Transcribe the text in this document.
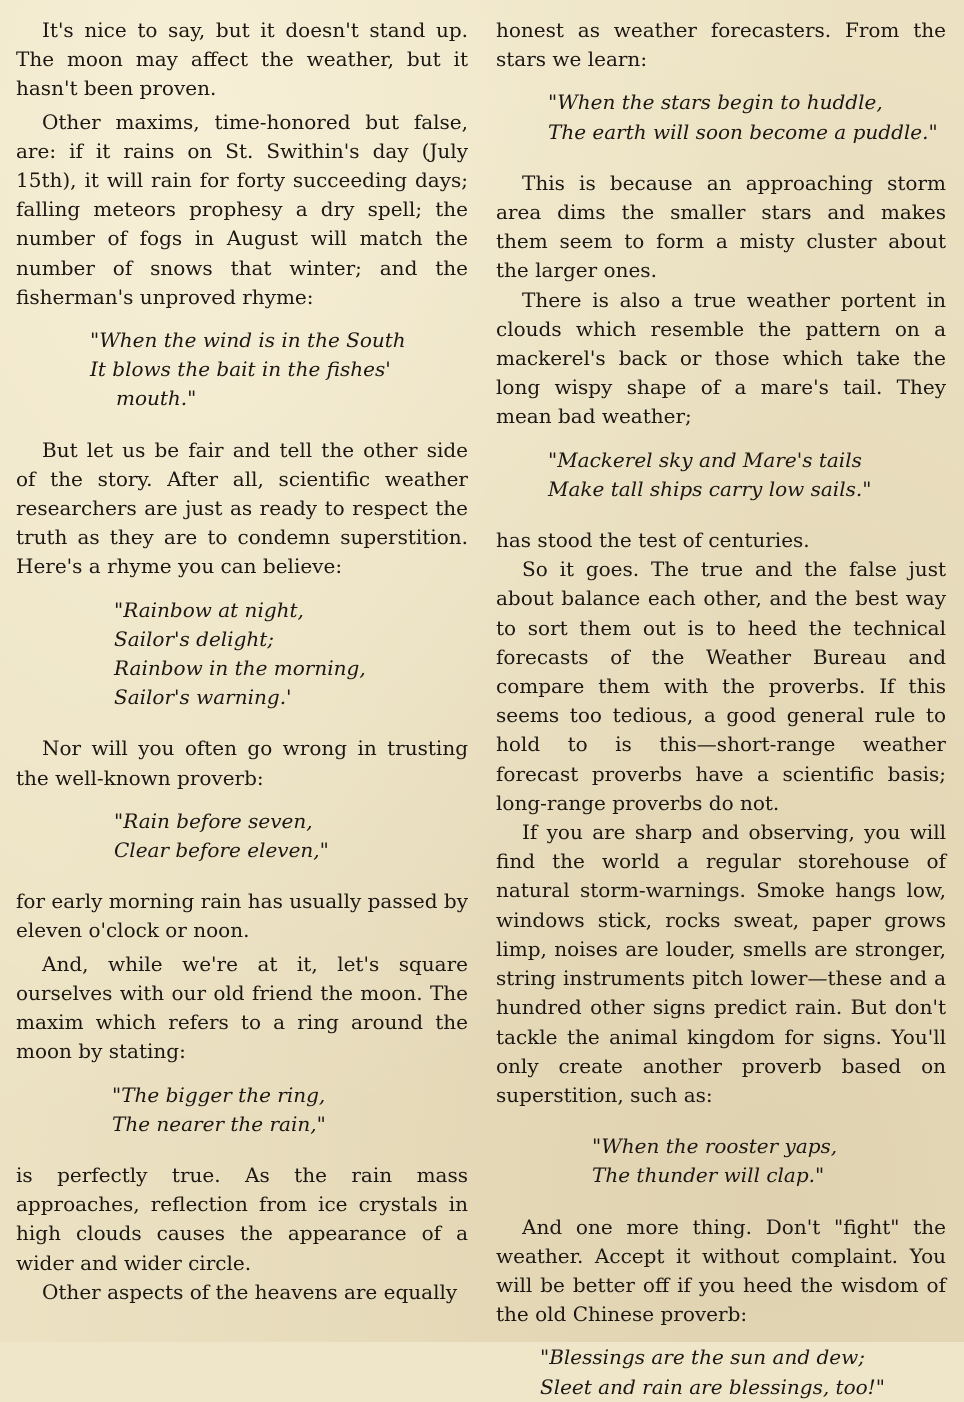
It's nice to say, but it doesn't stand up. The moon may affect the weather, but it hasn't been proven.

Other maxims, time-honored but false, are: if it rains on St. Swithin's day (July 15th), it will rain for forty succeeding days; falling meteors prophesy a dry spell; the number of fogs in August will match the number of snows that winter; and the fisherman's unproved rhyme:

"When the wind is in the South
It blows the bait in the fishes'
mouth."

But let us be fair and tell the other side of the story. After all, scientific weather researchers are just as ready to respect the truth as they are to condemn superstition. Here's a rhyme you can believe:

"Rainbow at night,
Sailor's delight;
Rainbow in the morning,
Sailor's warning.'

Nor will you often go wrong in trusting the well-known proverb:

"Rain before seven,
Clear before eleven,"

for early morning rain has usually passed by eleven o'clock or noon.

And, while we're at it, let's square ourselves with our old friend the moon. The maxim which refers to a ring around the moon by stating:

"The bigger the ring,
The nearer the rain,"

is perfectly true. As the rain mass approaches, reflection from ice crystals in high clouds causes the appearance of a wider and wider circle.

Other aspects of the heavens are equally

honest as weather forecasters. From the stars we learn:

"When the stars begin to huddle,
The earth will soon become a puddle."

This is because an approaching storm area dims the smaller stars and makes them seem to form a misty cluster about the larger ones.

There is also a true weather portent in clouds which resemble the pattern on a mackerel's back or those which take the long wispy shape of a mare's tail. They mean bad weather;

"Mackerel sky and Mare's tails
Make tall ships carry low sails."

has stood the test of centuries.

So it goes. The true and the false just about balance each other, and the best way to sort them out is to heed the technical forecasts of the Weather Bureau and compare them with the proverbs. If this seems too tedious, a good general rule to hold to is this—short-range weather forecast proverbs have a scientific basis; long-range proverbs do not.

If you are sharp and observing, you will find the world a regular storehouse of natural storm-warnings. Smoke hangs low, windows stick, rocks sweat, paper grows limp, noises are louder, smells are stronger, string instruments pitch lower—these and a hundred other signs predict rain. But don't tackle the animal kingdom for signs. You'll only create another proverb based on superstition, such as:

"When the rooster yaps,
The thunder will clap."

And one more thing. Don't "fight" the weather. Accept it without complaint. You will be better off if you heed the wisdom of the old Chinese proverb:

"Blessings are the sun and dew;
Sleet and rain are blessings, too!"
